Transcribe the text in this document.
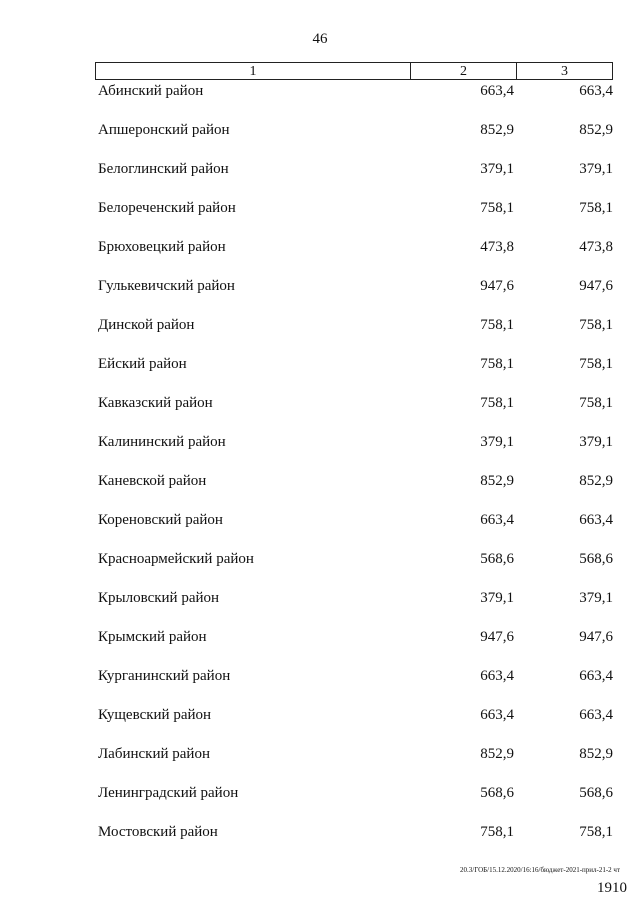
46
1	2	3
Абинский район	663,4	663,4
Апшеронский район	852,9	852,9
Белоглинский район	379,1	379,1
Белореченский район	758,1	758,1
Брюховецкий район	473,8	473,8
Гулькевичский район	947,6	947,6
Динской район	758,1	758,1
Ейский район	758,1	758,1
Кавказский район	758,1	758,1
Калининский район	379,1	379,1
Каневской район	852,9	852,9
Кореновский район	663,4	663,4
Красноармейский район	568,6	568,6
Крыловский район	379,1	379,1
Крымский район	947,6	947,6
Курганинский район	663,4	663,4
Кущевский район	663,4	663,4
Лабинский район	852,9	852,9
Ленинградский район	568,6	568,6
Мостовский район	758,1	758,1
20.3/ГОБ/15.12.2020/16:16/бюджет-2021-прил-21-2 чт
1910
